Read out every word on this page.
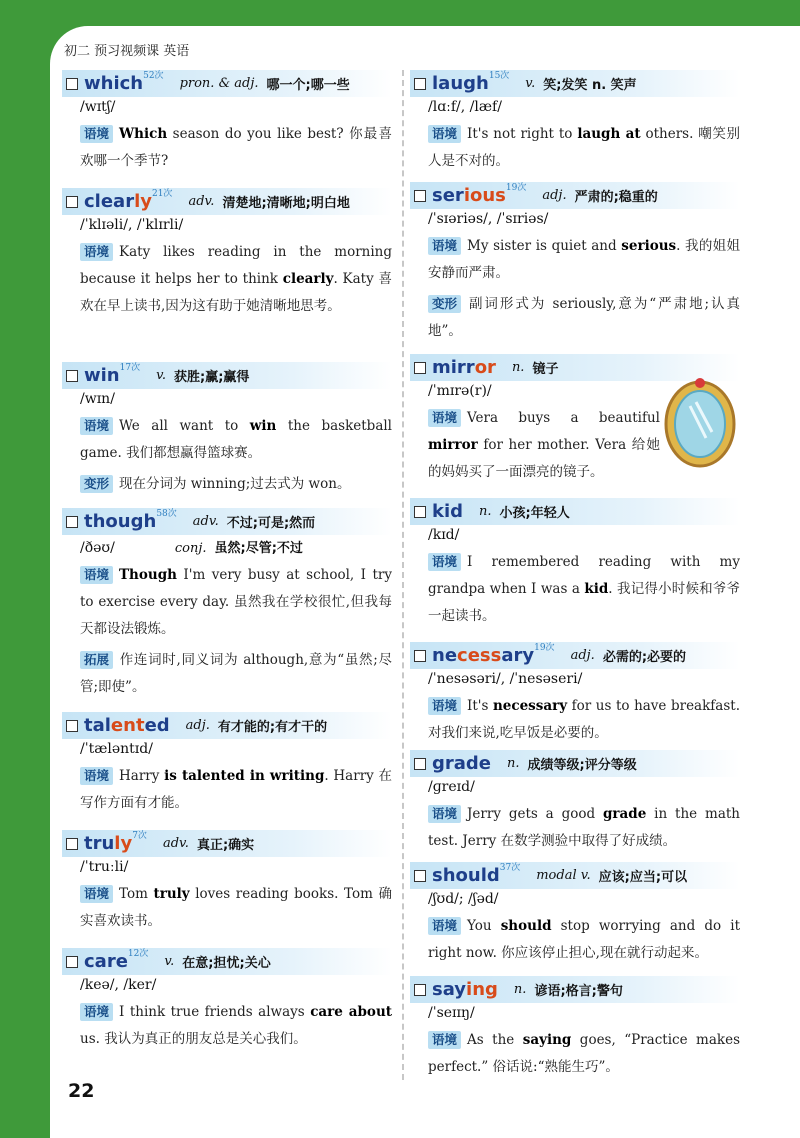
初二 预习视频课 英语
which 52次 pron. & adj. 哪一个;哪一些
/wɪtʃ/
语境 Which season do you like best? 你最喜欢哪一个季节?
clearly 21次 adv. 清楚地;清晰地;明白地
/ˈklɪəli/, /ˈklɪrli/
语境 Katy likes reading in the morning because it helps her to think clearly. Katy 喜欢在早上读书,因为这有助于她清晰地思考。
win 17次 v. 获胜;赢;赢得
/wɪn/
语境 We all want to win the basketball game. 我们都想赢得篮球赛。
变形 现在分词为 winning;过去式为 won。
though 58次 adv. 不过;可是;然而
/ðəʊ/	conj. 虽然;尽管;不过
语境 Though I'm very busy at school, I try to exercise every day. 虽然我在学校很忙,但我每天都设法锻炼。
拓展 作连词时,同义词为 although,意为“虽然;尽管;即使”。
talented adj. 有才能的;有才干的
/ˈtæləntɪd/
语境 Harry is talented in writing. Harry 在写作方面有才能。
truly 7次 adv. 真正;确实
/ˈtruːli/
语境 Tom truly loves reading books. Tom 确实喜欢读书。
care 12次 v. 在意;担忧;关心
/keə/, /ker/
语境 I think true friends always care about us. 我认为真正的朋友总是关心我们。
laugh 15次 v. 笑;发笑 n. 笑声
/lɑːf/, /læf/
语境 It's not right to laugh at others. 嘲笑别人是不对的。
serious 19次 adj. 严肃的;稳重的
/ˈsɪəriəs/, /ˈsɪriəs/
语境 My sister is quiet and serious. 我的姐姐安静而严肃。
变形 副词形式为 seriously,意为“严肃地;认真地”。
mirror n. 镜子
/ˈmɪrə(r)/
语境 Vera buys a beautiful mirror for her mother. Vera 给她的妈妈买了一面漂亮的镜子。
kid n. 小孩;年轻人
/kɪd/
语境 I remembered reading with my grandpa when I was a kid. 我记得小时候和爷爷一起读书。
necessary 19次 adj. 必需的;必要的
/ˈnesəsəri/, /ˈnesəseri/
语境 It's necessary for us to have breakfast. 对我们来说,吃早饭是必要的。
grade n. 成绩等级;评分等级
/ɡreɪd/
语境 Jerry gets a good grade in the math test. Jerry 在数学测验中取得了好成绩。
should 37次 modal v. 应该;应当;可以
/ʃʊd/; /ʃəd/
语境 You should stop worrying and do it right now. 你应该停止担心,现在就行动起来。
saying n. 谚语;格言;警句
/ˈseɪɪŋ/
语境 As the saying goes, “Practice makes perfect.” 俗话说:“熟能生巧”。
22
